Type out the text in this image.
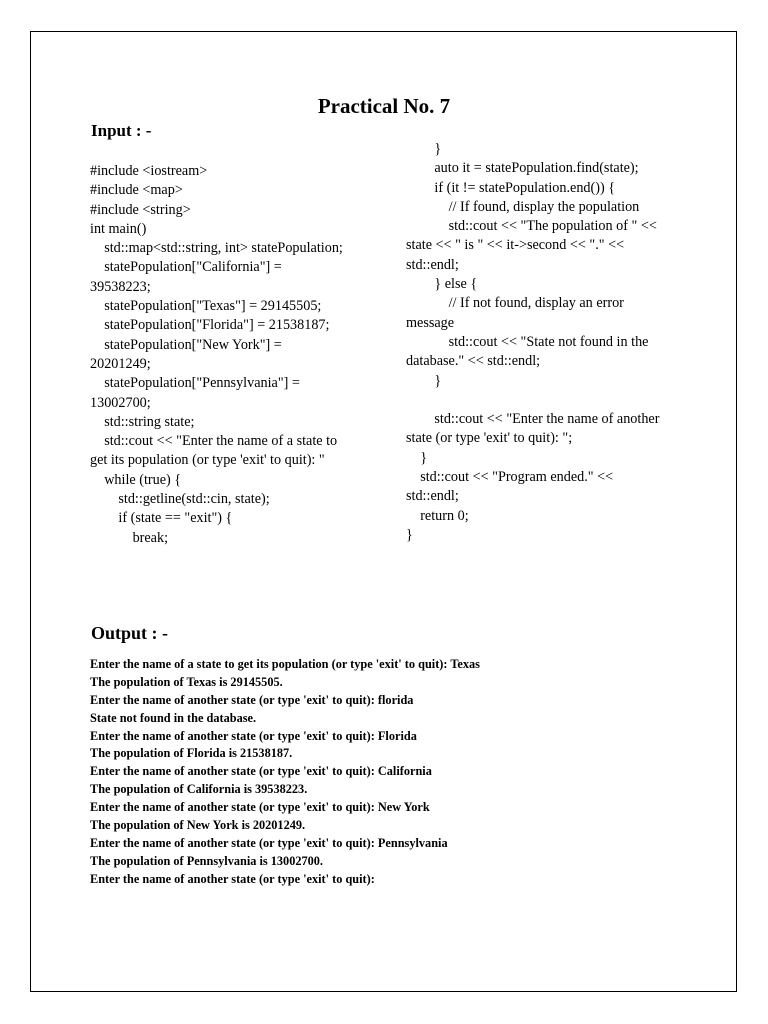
Practical No. 7
Input : -
#include <iostream>
#include <map>
#include <string>
int main()
std::map<std::string, int> statePopulation;
statePopulation["California"] =
39538223;
statePopulation["Texas"] = 29145505;
statePopulation["Florida"] = 21538187;
statePopulation["New York"] =
20201249;
statePopulation["Pennsylvania"] =
13002700;
std::string state;
std::cout << "Enter the name of a state to
get its population (or type 'exit' to quit): "
while (true) {
std::getline(std::cin, state);
if (state == "exit") {
break;
}
auto it = statePopulation.find(state);
if (it != statePopulation.end()) {
// If found, display the population
std::cout << "The population of " <<
state << " is " << it->second << "." <<
std::endl;
} else {
// If not found, display an error
message
std::cout << "State not found in the
database." << std::endl;
}
std::cout << "Enter the name of another
state (or type 'exit' to quit): ";
}
std::cout << "Program ended." <<
std::endl;
return 0;
}
Output : -
Enter the name of a state to get its population (or type 'exit' to quit): Texas
The population of Texas is 29145505.
Enter the name of another state (or type 'exit' to quit): florida
State not found in the database.
Enter the name of another state (or type 'exit' to quit): Florida
The population of Florida is 21538187.
Enter the name of another state (or type 'exit' to quit): California
The population of California is 39538223.
Enter the name of another state (or type 'exit' to quit): New York
The population of New York is 20201249.
Enter the name of another state (or type 'exit' to quit): Pennsylvania
The population of Pennsylvania is 13002700.
Enter the name of another state (or type 'exit' to quit):
